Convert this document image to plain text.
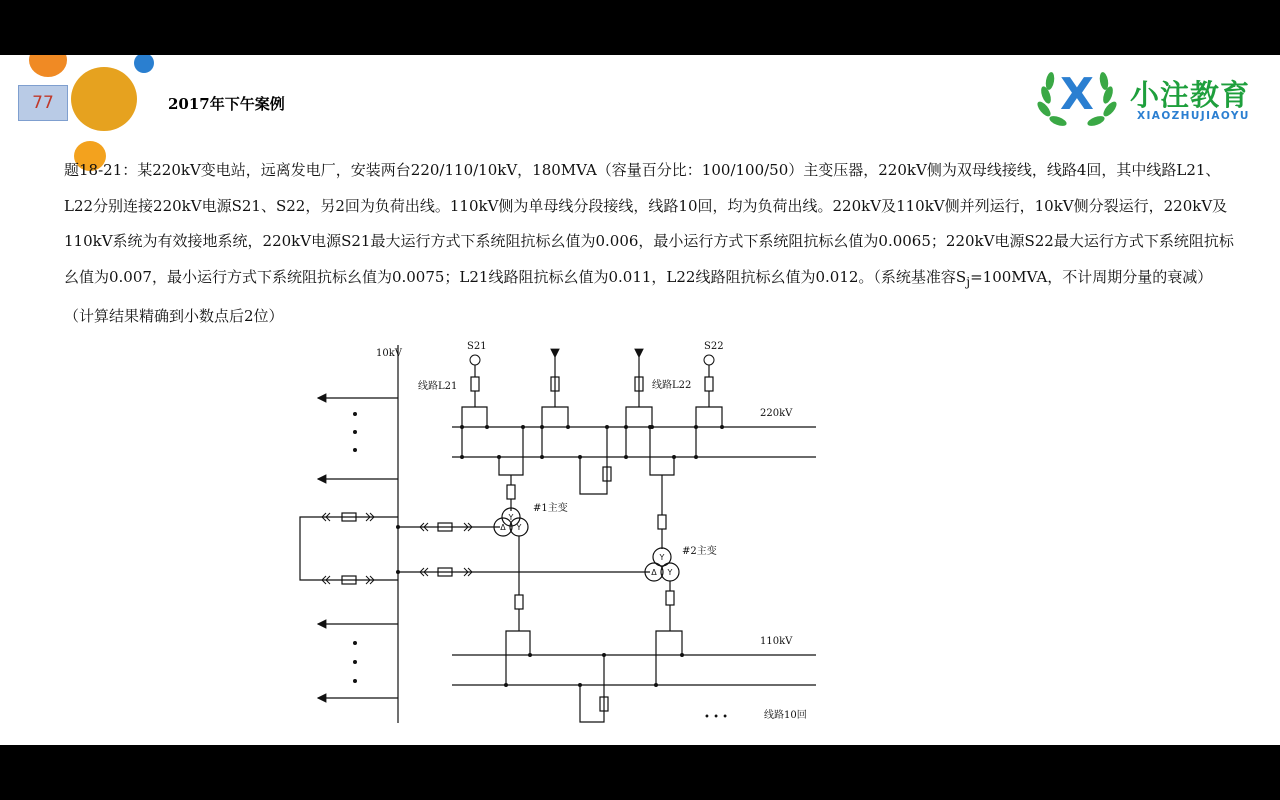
77	2017年下午案例	X 小注教育
XIAOZHUJIAOYU

题18-21：某220kV变电站，远离发电厂，安装两台220/110/10kV，180MVA（容量百分比：100/100/50）主变压器，220kV侧为双母线接线，线路4回，其中线路L21、L22分别连接220kV电源S21、S22，另2回为负荷出线。110kV侧为单母线分段接线，线路10回，均为负荷出线。220kV及110kV侧并列运行，10kV侧分裂运行，220kV及110kV系统为有效接地系统，220kV电源S21最大运行方式下系统阻抗标幺值为0.006，最小运行方式下系统阻抗标幺值为0.0065；220kV电源S22最大运行方式下系统阻抗标幺值为0.007，最小运行方式下系统阻抗标幺值为0.0075；L21线路阻抗标幺值为0.011，L22线路阻抗标幺值为0.012。（系统基准容$S_j=100MVA$，不计周期分量的衰减）（计算结果精确到小数点后2位）

Y
Y
Δ
Y
Y
Δ
10kV
S21	S22
线路L21	线路L22
220kV
#1主变
#2主变
110kV
• • •	线路10回
